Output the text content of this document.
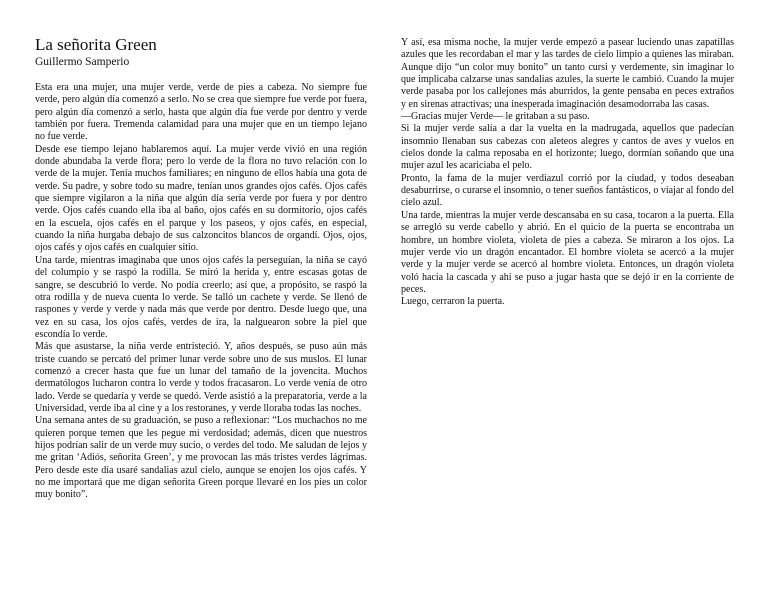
La señorita Green
Guillermo Samperio

Esta era una mujer, una mujer verde, verde de pies a cabeza. No siempre fue verde, pero algún día comenzó a serlo. No se crea que siempre fue verde por fuera, pero algún día comenzó a serlo, hasta que algún día fue verde por dentro y verde también por fuera. Tremenda calamidad para una mujer que en un tiempo lejano no fue verde.

Desde ese tiempo lejano hablaremos aquí. La mujer verde vivió en una región donde abundaba la verde flora; pero lo verde de la flora no tuvo relación con lo verde de la mujer. Tenía muchos familiares; en ninguno de ellos había una gota de verde. Su padre, y sobre todo su madre, tenían unos grandes ojos cafés. Ojos cafés que siempre vigilaron a la niña que algún día sería verde por fuera y por dentro verde. Ojos cafés cuando ella iba al baño, ojos cafés en su dormitorio, ojos cafés en la escuela, ojos cafés en el parque y los paseos, y ojos cafés, en especial, cuando la niña hurgaba debajo de sus calzoncitos blancos de organdí. Ojos, ojos, ojos cafés y ojos cafés en cualquier sitio.

Una tarde, mientras imaginaba que unos ojos cafés la perseguían, la niña se cayó del columpio y se raspó la rodilla. Se miró la herida y, entre escasas gotas de sangre, se descubrió lo verde. No podía creerlo; así que, a propósito, se raspó la otra rodilla y de nueva cuenta lo verde. Se talló un cachete y verde. Se llenó de raspones y verde y verde y nada más que verde por dentro. Desde luego que, una vez en su casa, los ojos cafés, verdes de ira, la nalguearon sobre la piel que escondía lo verde.

Más que asustarse, la niña verde entristeció. Y, años después, se puso aún más triste cuando se percató del primer lunar verde sobre uno de sus muslos. El lunar comenzó a crecer hasta que fue un lunar del tamaño de la jovencita. Muchos dermatólogos lucharon contra lo verde y todos fracasaron. Lo verde venía de otro lado. Verde se quedaría y verde se quedó. Verde asistió a la preparatoria, verde a la Universidad, verde iba al cine y a los restoranes, y verde lloraba todas las noches.

Una semana antes de su graduación, se puso a reflexionar: “Los muchachos no me quieren porque temen que les pegue mi verdosidad; además, dicen que nuestros hijos podrían salir de un verde muy sucio, o verdes del todo. Me saludan de lejos y me gritan ‘Adiós, señorita Green’, y me provocan las más tristes verdes lágrimas. Pero desde este día usaré sandalias azul cielo, aunque se enojen los ojos cafés. Y no me importará que me digan señorita Green porque llevaré en los pies un color muy bonito”.

Y así, esa misma noche, la mujer verde empezó a pasear luciendo unas zapatillas azules que les recordaban el mar y las tardes de cielo limpio a quienes las miraban. Aunque dijo “un color muy bonito” un tanto cursi y verdemente, sin imaginar lo que implicaba calzarse unas sandalias azules, la suerte le cambió. Cuando la mujer verde pasaba por los callejones más aburridos, la gente pensaba en peces extraños y en sirenas atractivas; una inesperada imaginación desamodorraba las casas.

—Gracias mujer Verde— le gritaban a su paso.

Si la mujer verde salía a dar la vuelta en la madrugada, aquellos que padecían insomnio llenaban sus cabezas con aleteos alegres y cantos de aves y vuelos en cielos donde la calma reposaba en el horizonte; luego, dormían soñando que una mujer azul les acariciaba el pelo.

Pronto, la fama de la mujer verdiazul corrió por la ciudad, y todos deseaban desaburrirse, o curarse el insomnio, o tener sueños fantásticos, o viajar al fondo del cielo azul.

Una tarde, mientras la mujer verde descansaba en su casa, tocaron a la puerta. Ella se arregló su verde cabello y abrió. En el quicio de la puerta se encontraba un hombre, un hombre violeta, violeta de pies a cabeza. Se miraron a los ojos. La mujer verde vio un dragón encantador. El hombre violeta se acercó a la mujer verde y la mujer verde se acercó al hombre violeta. Entonces, un dragón violeta voló hacia la cascada y ahí se puso a jugar hasta que se dejó ir en la corriente de peces.

Luego, cerraron la puerta.
